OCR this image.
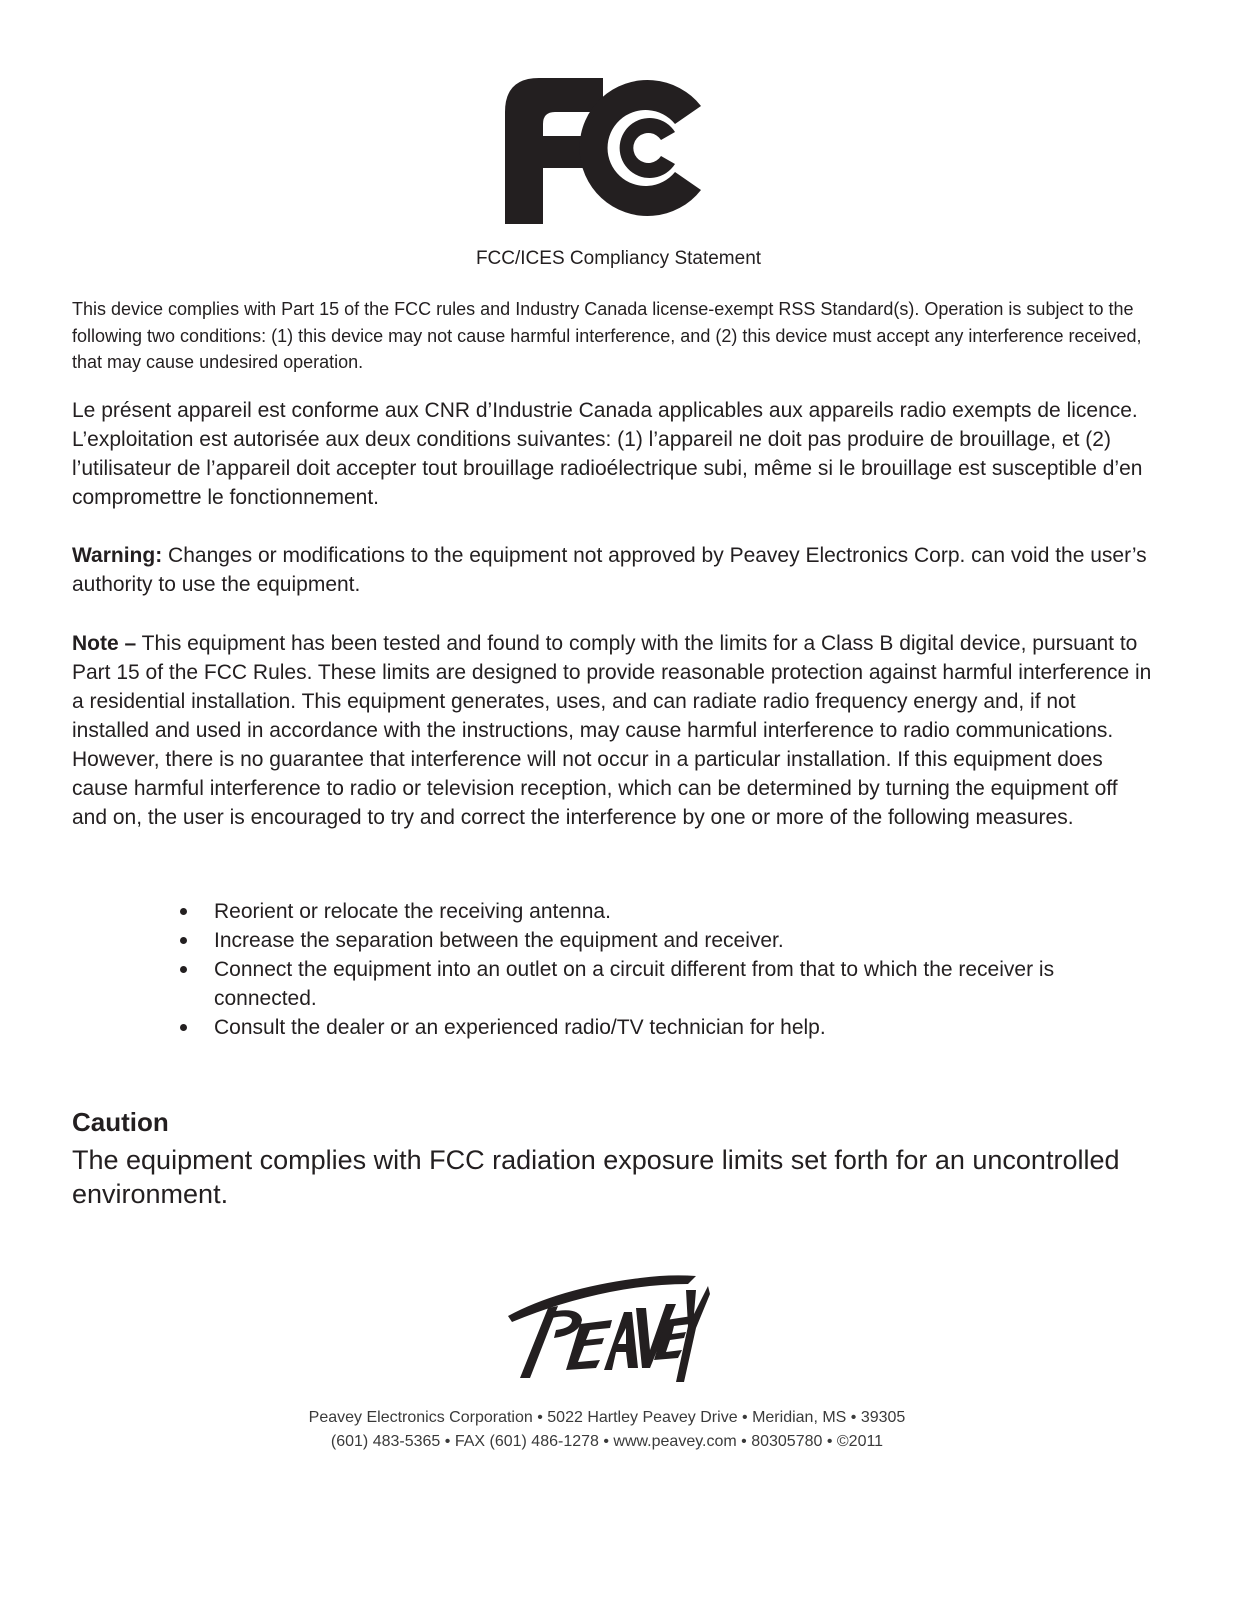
FCC/ICES Compliancy Statement

This device complies with Part 15 of the FCC rules and Industry Canada license-exempt RSS Standard(s). Operation is subject to the following two conditions: (1) this device may not cause harmful interference, and (2) this device must accept any interference received, that may cause undesired operation.

Le présent appareil est conforme aux CNR d’Industrie Canada applicables aux appareils radio exempts de licence. L’exploitation est autorisée aux deux conditions suivantes: (1) l’appareil ne doit pas produire de brouillage, et (2) l’utilisateur de l’appareil doit accepter tout brouillage radioélectrique subi, même si le brouillage est susceptible d’en compromettre le fonctionnement.

Warning: Changes or modifications to the equipment not approved by Peavey Electronics Corp. can void the user’s authority to use the equipment.

Note – This equipment has been tested and found to comply with the limits for a Class B digital device, pursuant to Part 15 of the FCC Rules. These limits are designed to provide reasonable protection against harmful interference in a residential installation. This equipment generates, uses, and can radiate radio frequency energy and, if not installed and used in accordance with the instructions, may cause harmful interference to radio communications. However, there is no guarantee that interference will not occur in a particular installation. If this equipment does cause harmful interference to radio or television reception, which can be determined by turning the equipment off and on, the user is encouraged to try and correct the interference by one or more of the following measures.

Reorient or relocate the receiving antenna.
Increase the separation between the equipment and receiver.
Connect the equipment into an outlet on a circuit different from that to which the receiver is connected.
Consult the dealer or an experienced radio/TV technician for help.
Caution

The equipment complies with FCC radiation exposure limits set forth for an uncontrolled environment.

Peavey Electronics Corporation • 5022 Hartley Peavey Drive • Meridian, MS • 39305
(601) 483-5365 • FAX (601) 486-1278 • www.peavey.com • 80305780 • ©2011
